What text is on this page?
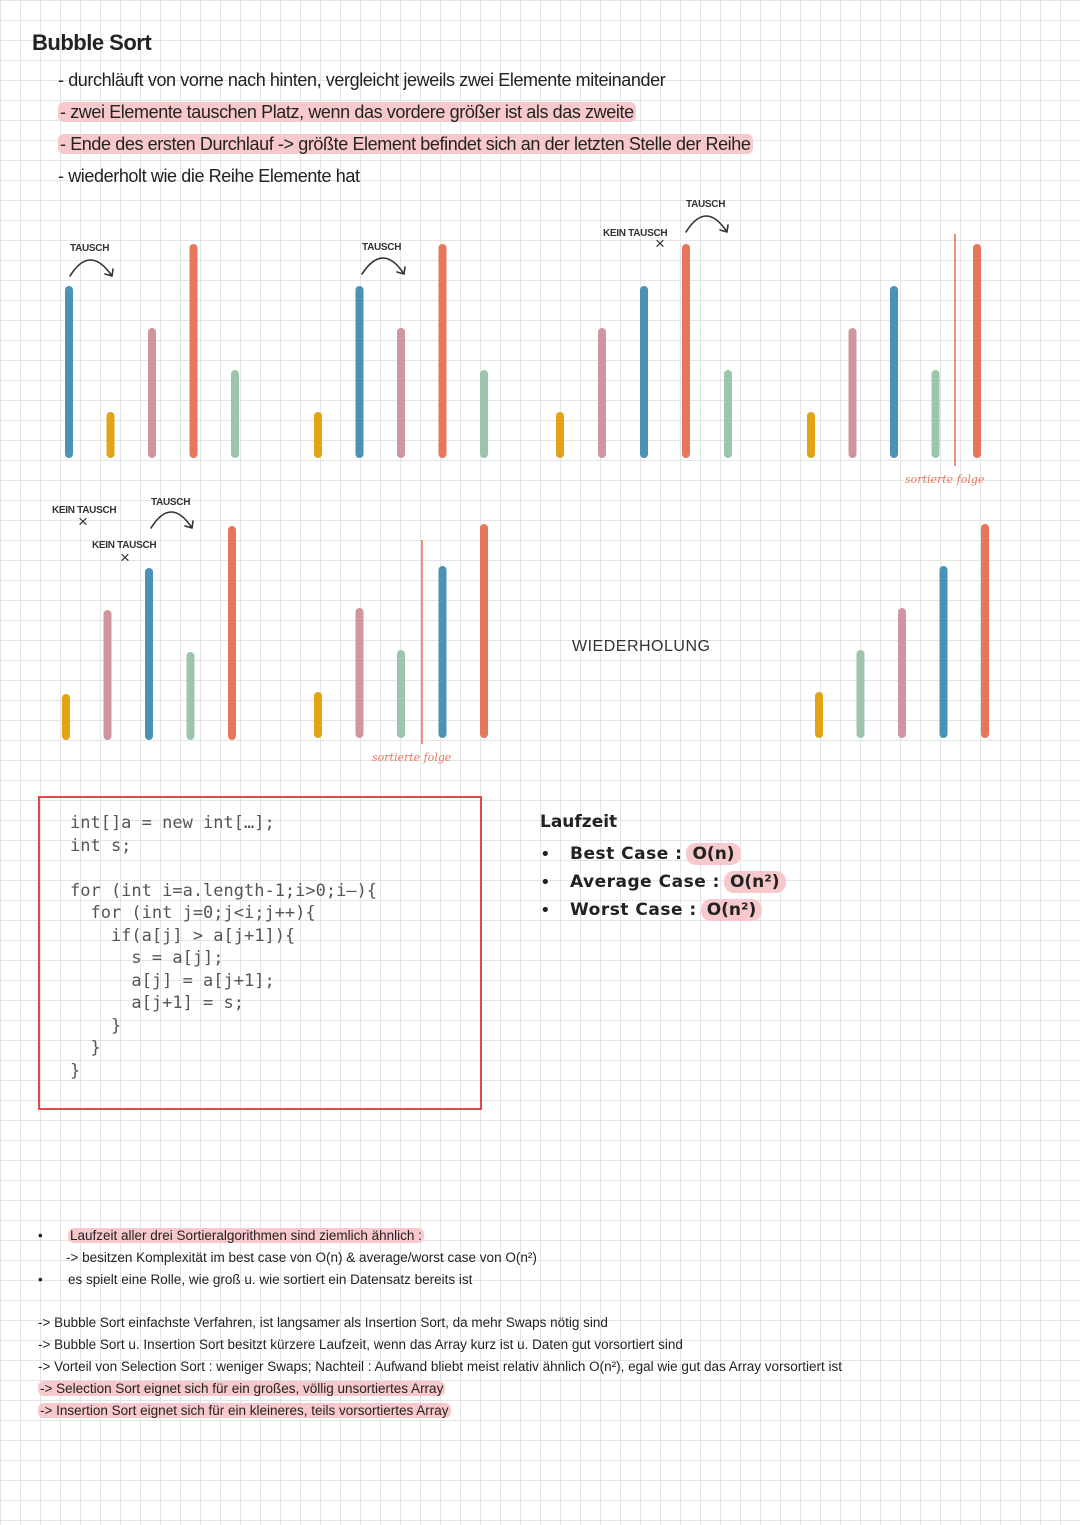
Bubble Sort
- durchläuft von vorne nach hinten, vergleicht jeweils zwei Elemente miteinander
- zwei Elemente tauschen Platz, wenn das vordere größer ist als das zweite
- Ende des ersten Durchlauf -> größte Element befindet sich an der letzten Stelle der Reihe
- wiederholt wie die Reihe Elemente hat
TAUSCH	TAUSCH
TAUSCH
KEIN TAUSCH
×
sortierte folge
TAUSCH
KEIN TAUSCH
×
KEIN TAUSCH
×
sortierte folge
WIEDERHOLUNG
int[]a = new int[…];
int s;

for (int i=a.length-1;i>0;i—){
for (int j=0;j<i;j++){
if(a[j] > a[j+1]){
s = a[j];
a[j] = a[j+1];
a[j+1] = s;
}
}
}
Laufzeit
•	Best Case : O(n)
•	Average Case : O(n²)
•	Worst Case : O(n²)
• Laufzeit aller drei Sortieralgorithmen sind ziemlich ähnlich :
-> besitzen Komplexität im best case von O(n) & average/worst case von O(n²)
• es spielt eine Rolle, wie groß u. wie sortiert ein Datensatz bereits ist
-> Bubble Sort einfachste Verfahren, ist langsamer als Insertion Sort, da mehr Swaps nötig sind
-> Bubble Sort u. Insertion Sort besitzt kürzere Laufzeit, wenn das Array kurz ist u. Daten gut vorsortiert sind
-> Vorteil von Selection Sort : weniger Swaps; Nachteil : Aufwand bliebt meist relativ ähnlich O(n²), egal wie gut das Array vorsortiert ist
-> Selection Sort eignet sich für ein großes, völlig unsortiertes Array
-> Insertion Sort eignet sich für ein kleineres, teils vorsortiertes Array
